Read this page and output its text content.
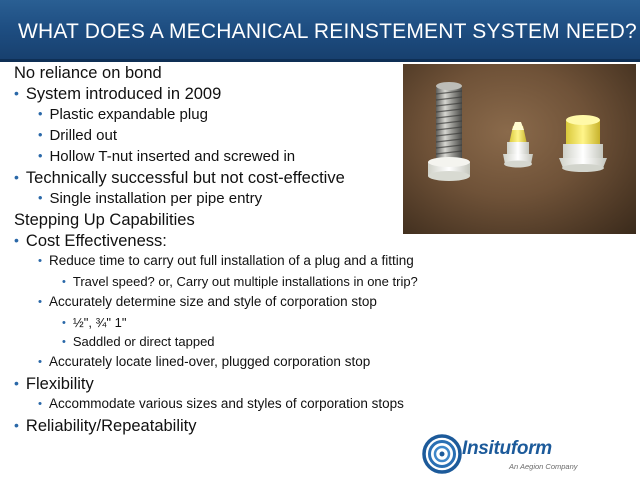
WHAT DOES A MECHANICAL REINSTEMENT SYSTEM NEED?
No reliance on bond
• System introduced in 2009
• Plastic expandable plug
• Drilled out
• Hollow T-nut inserted and screwed in
• Technically successful but not cost-effective
• Single installation per pipe entry
Stepping Up Capabilities
• Cost Effectiveness:
• Reduce time to carry out full installation of a plug and a fitting
• Travel speed? or, Carry out multiple installations in one trip?
• Accurately determine size and style of corporation stop
• ½", ¾" 1"
• Saddled or direct tapped
• Accurately locate lined-over, plugged corporation stop
• Flexibility
• Accommodate various sizes and styles of corporation stops
• Reliability/Repeatability
Insituform
An Aegion Company
